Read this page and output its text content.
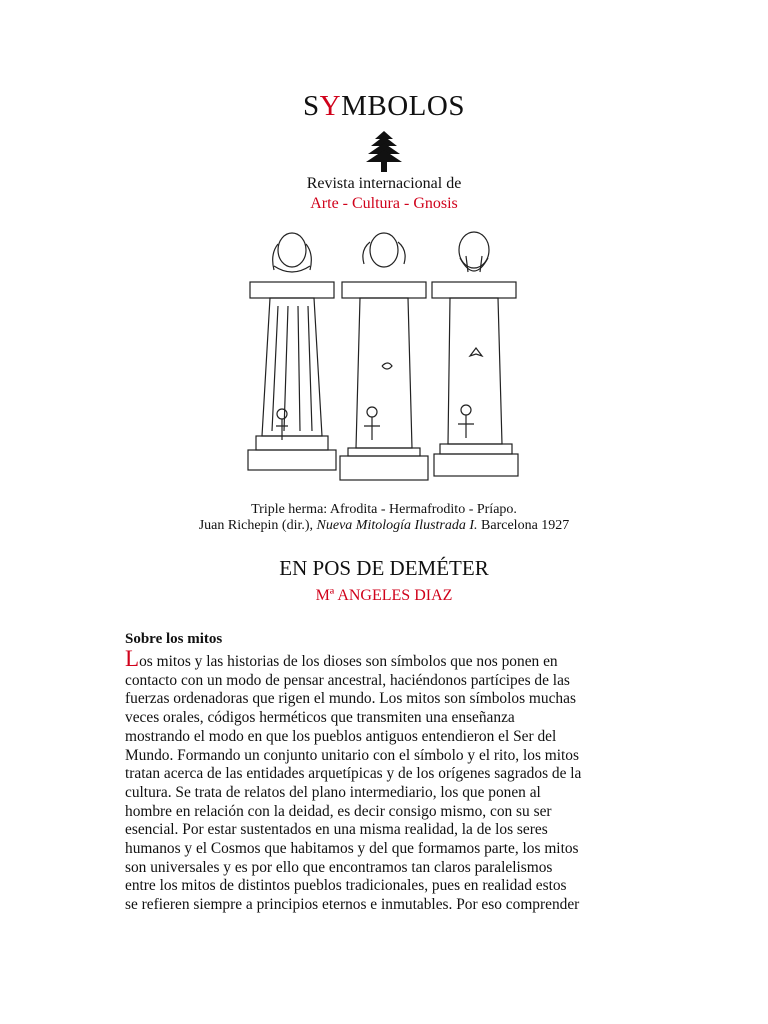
SYMBOLOS
Revista internacional de
Arte - Cultura - Gnosis
Triple herma: Afrodita - Hermafrodito - Príapo.
Juan Richepin (dir.), Nueva Mitología Ilustrada I. Barcelona 1927
EN POS DE DEMÉTER
Mª ANGELES DIAZ
Sobre los mitos
Los mitos y las historias de los dioses son símbolos que nos ponen en
contacto con un modo de pensar ancestral, haciéndonos partícipes de las
fuerzas ordenadoras que rigen el mundo. Los mitos son símbolos muchas
veces orales, códigos herméticos que transmiten una enseñanza
mostrando el modo en que los pueblos antiguos entendieron el Ser del
Mundo. Formando un conjunto unitario con el símbolo y el rito, los mitos
tratan acerca de las entidades arquetípicas y de los orígenes sagrados de la
cultura. Se trata de relatos del plano intermediario, los que ponen al
hombre en relación con la deidad, es decir consigo mismo, con su ser
esencial. Por estar sustentados en una misma realidad, la de los seres
humanos y el Cosmos que habitamos y del que formamos parte, los mitos
son universales y es por ello que encontramos tan claros paralelismos
entre los mitos de distintos pueblos tradicionales, pues en realidad estos
se refieren siempre a principios eternos e inmutables. Por eso comprender
